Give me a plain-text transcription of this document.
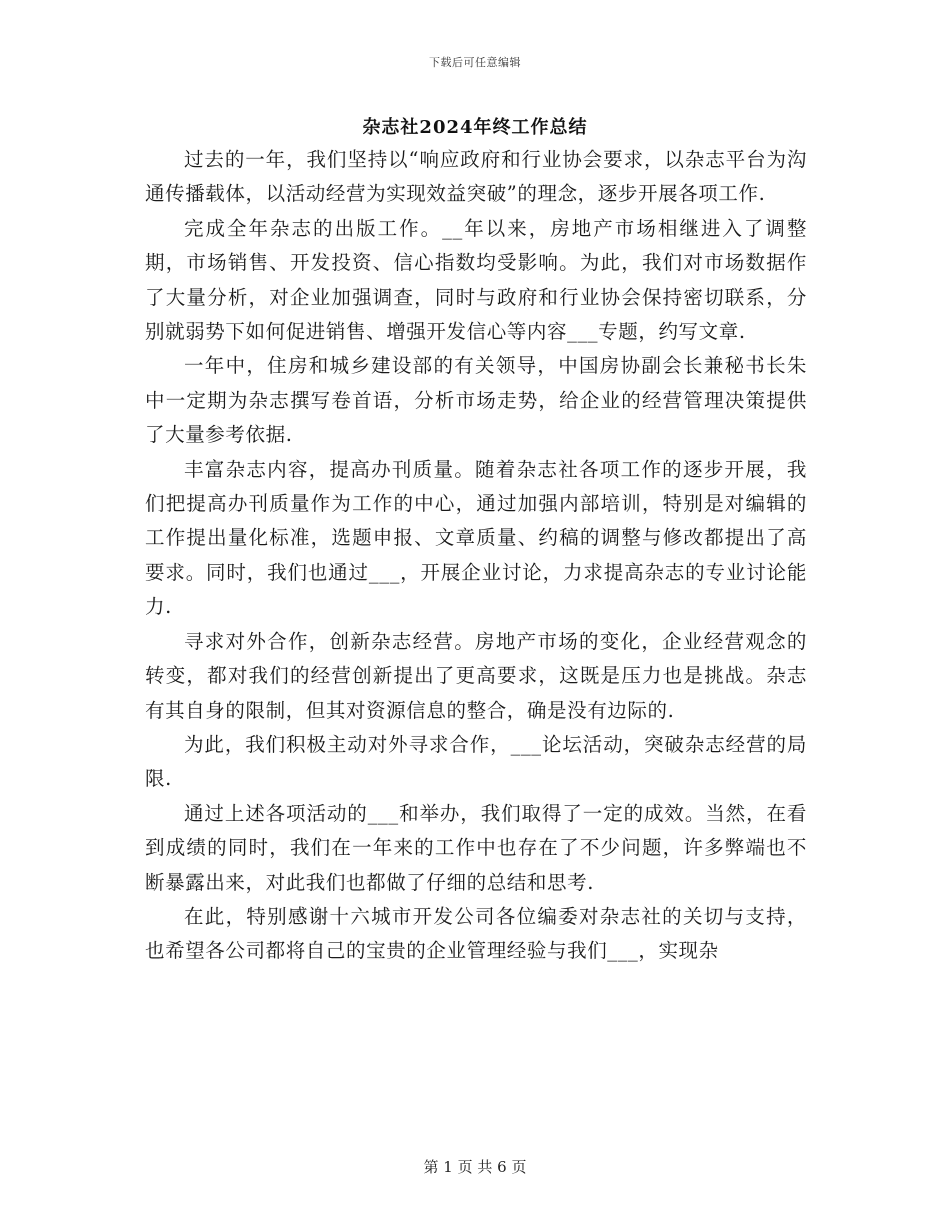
下载后可任意编辑
杂志社2024年终工作总结

过去的一年，我们坚持以“响应政府和行业协会要求，以杂志平台为沟通传播载体，以活动经营为实现效益突破”的理念，逐步开展各项工作.

完成全年杂志的出版工作。__年以来，房地产市场相继进入了调整期，市场销售、开发投资、信心指数均受影响。为此，我们对市场数据作了大量分析，对企业加强调查，同时与政府和行业协会保持密切联系，分别就弱势下如何促进销售、增强开发信心等内容___专题，约写文章.

一年中，住房和城乡建设部的有关领导，中国房协副会长兼秘书长朱中一定期为杂志撰写卷首语，分析市场走势，给企业的经营管理决策提供了大量参考依据.

丰富杂志内容，提高办刊质量。随着杂志社各项工作的逐步开展，我们把提高办刊质量作为工作的中心，通过加强内部培训，特别是对编辑的工作提出量化标准，选题申报、文章质量、约稿的调整与修改都提出了高要求。同时，我们也通过___，开展企业讨论，力求提高杂志的专业讨论能力.

寻求对外合作，创新杂志经营。房地产市场的变化，企业经营观念的转变，都对我们的经营创新提出了更高要求，这既是压力也是挑战。杂志有其自身的限制，但其对资源信息的整合，确是没有边际的.

为此，我们积极主动对外寻求合作，___论坛活动，突破杂志经营的局限.

通过上述各项活动的___和举办，我们取得了一定的成效。当然，在看到成绩的同时，我们在一年来的工作中也存在了不少问题，许多弊端也不断暴露出来，对此我们也都做了仔细的总结和思考.

在此，特别感谢十六城市开发公司各位编委对杂志社的关切与支持，也希望各公司都将自己的宝贵的企业管理经验与我们___，实现杂

第 1 页 共 6 页
